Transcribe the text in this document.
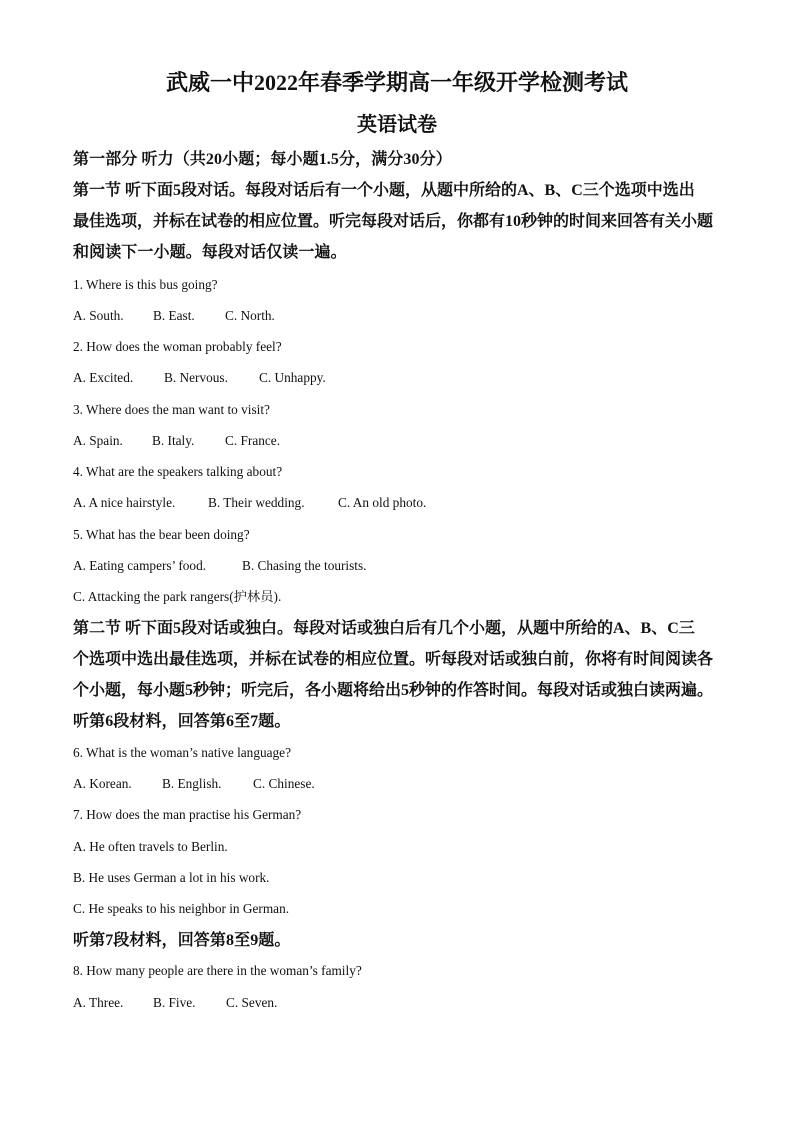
武威一中2022年春季学期高一年级开学检测考试
英语试卷
第一部分 听力（共20小题；每小题1.5分，满分30分）
第一节 听下面5段对话。每段对话后有一个小题，从题中所给的A、B、C三个选项中选出
最佳选项，并标在试卷的相应位置。听完每段对话后，你都有10秒钟的时间来回答有关小题
和阅读下一小题。每段对话仅读一遍。
1. Where is this bus going?
A. South. B. East. C. North.
2. How does the woman probably feel?
A. Excited. B. Nervous. C. Unhappy.
3. Where does the man want to visit?
A. Spain. B. Italy. C. France.
4. What are the speakers talking about?
A. A nice hairstyle. B. Their wedding.	C. An old photo.
5. What has the bear been doing?
A. Eating campers’ food.	B. Chasing the tourists.
C. Attacking the park rangers(护林员).
第二节 听下面5段对话或独白。每段对话或独白后有几个小题，从题中所给的A、B、C三
个选项中选出最佳选项，并标在试卷的相应位置。听每段对话或独白前，你将有时间阅读各
个小题，每小题5秒钟；听完后，各小题将给出5秒钟的作答时间。每段对话或独白读两遍。
听第6段材料，回答第6至7题。
6. What is the woman’s native language?
A. Korean. B. English. C. Chinese.
7. How does the man practise his German?
A. He often travels to Berlin.
B. He uses German a lot in his work.
C. He speaks to his neighbor in German.
听第7段材料，回答第8至9题。
8. How many people are there in the woman’s family?
A. Three. B. Five. C. Seven.
